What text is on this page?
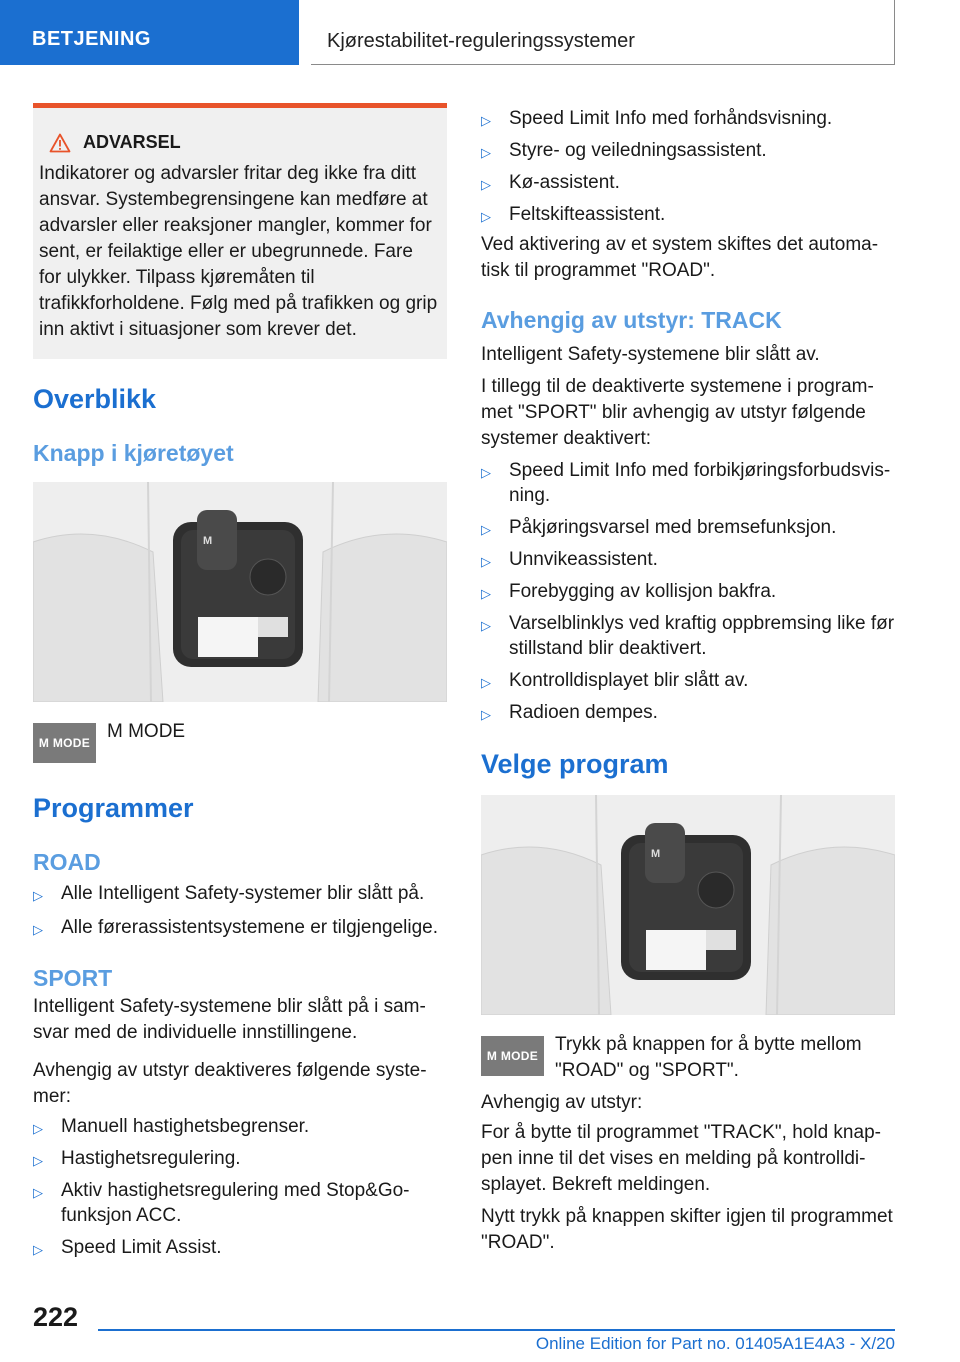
BETJENING	Kjørestabilitet-reguleringssystemer
ADVARSEL
Indikatorer og advarsler fritar deg ikke fra ditt ansvar. Systembegrensingene kan medføre at advarsler eller reaksjoner mangler, kommer for sent, er feilaktige eller er ubegrunnede. Fare for ulykker. Tilpass kjøremåten til trafikkforholdene. Følg med på trafikken og grip inn aktivt i situasjoner som krever det.
Overblikk
Knapp i kjøretøyet
M
M MODE
M MODE
Programmer
ROAD
▷ Alle Intelligent Safety-systemer blir slått på.
▷ Alle førerassistentsystemene er tilgjengelige.
SPORT
Intelligent Safety-systemene blir slått på i samsvar med de individuelle innstillingene.
Avhengig av utstyr deaktiveres følgende systemer:
▷ Manuell hastighetsbegrenser.
▷ Hastighetsregulering.
▷ Aktiv hastighetsregulering med Stop&Go-funksjon ACC.
▷ Speed Limit Assist.
▷ Speed Limit Info med forhåndsvisning.
▷ Styre- og veiledningsassistent.
▷ Kø-assistent.
▷ Feltskifteassistent.
Ved aktivering av et system skiftes det automatisk til programmet "ROAD".
Avhengig av utstyr: TRACK
Intelligent Safety-systemene blir slått av.
I tillegg til de deaktiverte systemene i programmet "SPORT" blir avhengig av utstyr følgende systemer deaktivert:
▷ Speed Limit Info med forbikjøringsforbudsvisning.
▷ Påkjøringsvarsel med bremsefunksjon.
▷ Unnvikeassistent.
▷ Forebygging av kollisjon bakfra.
▷ Varselblinklys ved kraftig oppbremsing like før stillstand blir deaktivert.
▷ Kontrolldisplayet blir slått av.
▷ Radioen dempes.
Velge program
M
M MODE
Trykk på knappen for å bytte mellom "ROAD" og "SPORT".
Avhengig av utstyr:
For å bytte til programmet "TRACK", hold knappen inne til det vises en melding på kontrolldisplayet. Bekreft meldingen.
Nytt trykk på knappen skifter igjen til programmet "ROAD".
222
Online Edition for Part no. 01405A1E4A3 - X/20
